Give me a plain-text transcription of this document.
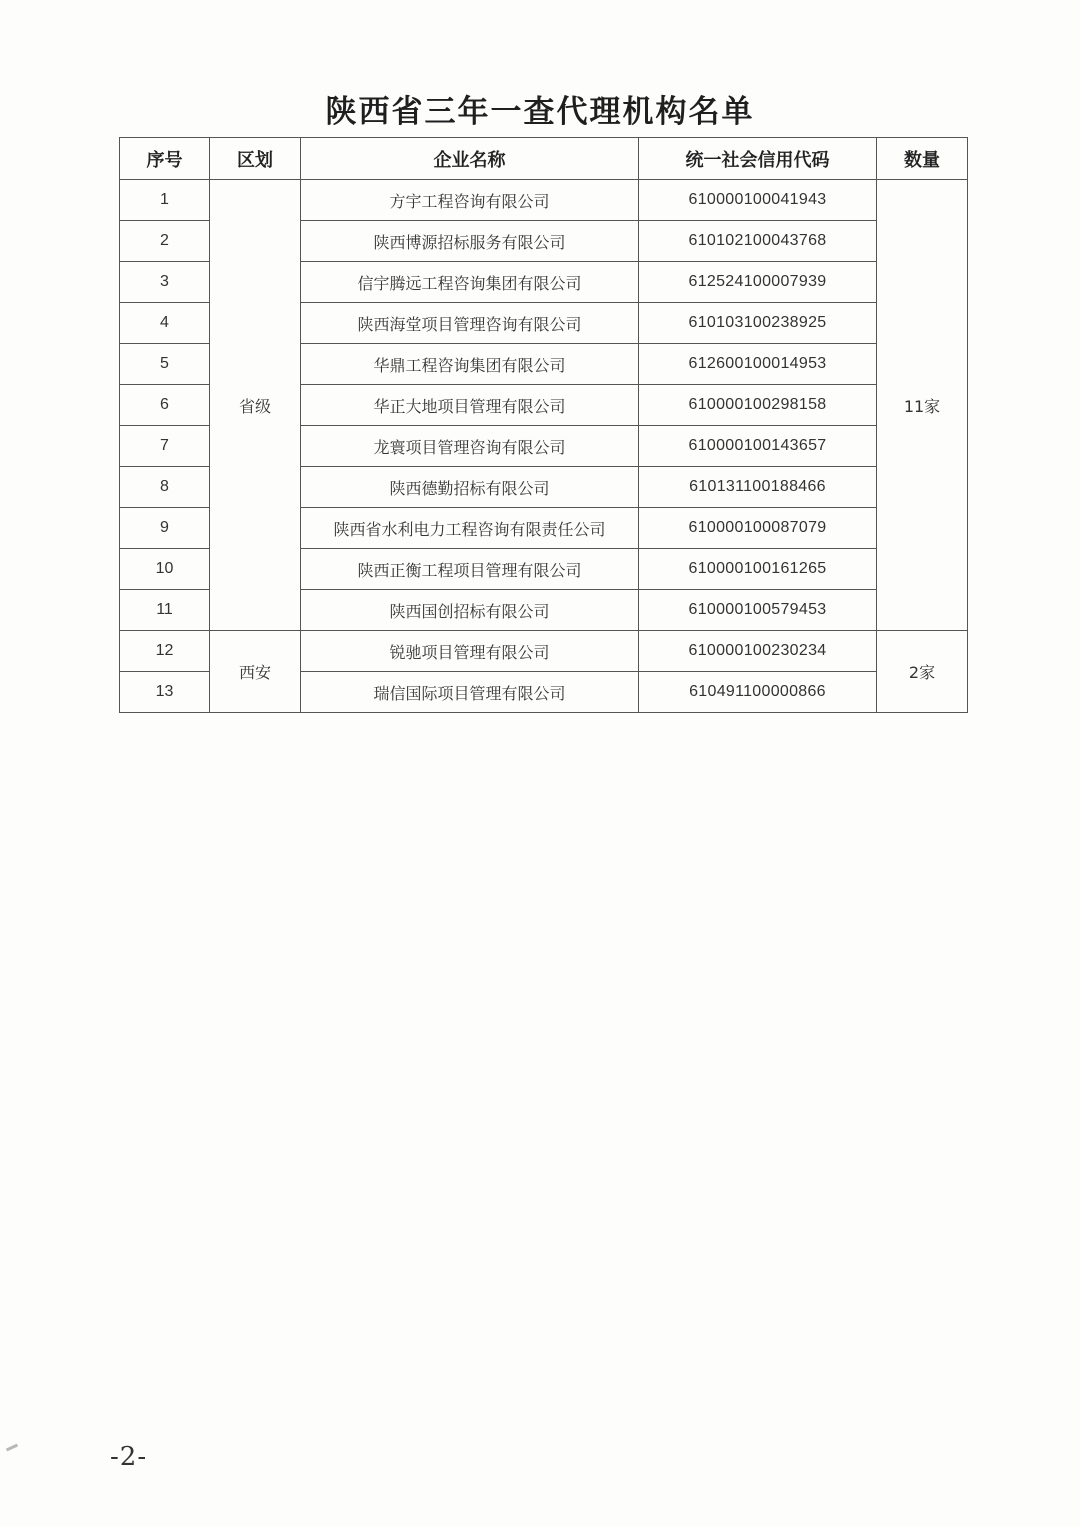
陕西省三年一查代理机构名单
序号	区划	企业名称	统一社会信用代码	数量
1	省级	方宇工程咨询有限公司	610000100041943	11家
2		陕西博源招标服务有限公司	610102100043768	
3		信宇腾远工程咨询集团有限公司	612524100007939	
4		陕西海堂项目管理咨询有限公司	610103100238925	
5		华鼎工程咨询集团有限公司	612600100014953	
6		华正大地项目管理有限公司	610000100298158	
7		龙寰项目管理咨询有限公司	610000100143657	
8		陕西德勤招标有限公司	610131100188466	
9		陕西省水利电力工程咨询有限责任公司	610000100087079	
10		陕西正衡工程项目管理有限公司	610000100161265	
11		陕西国创招标有限公司	610000100579453	
12	西安	锐驰项目管理有限公司	610000100230234	2家
13		瑞信国际项目管理有限公司	610491100000866	
-2-
